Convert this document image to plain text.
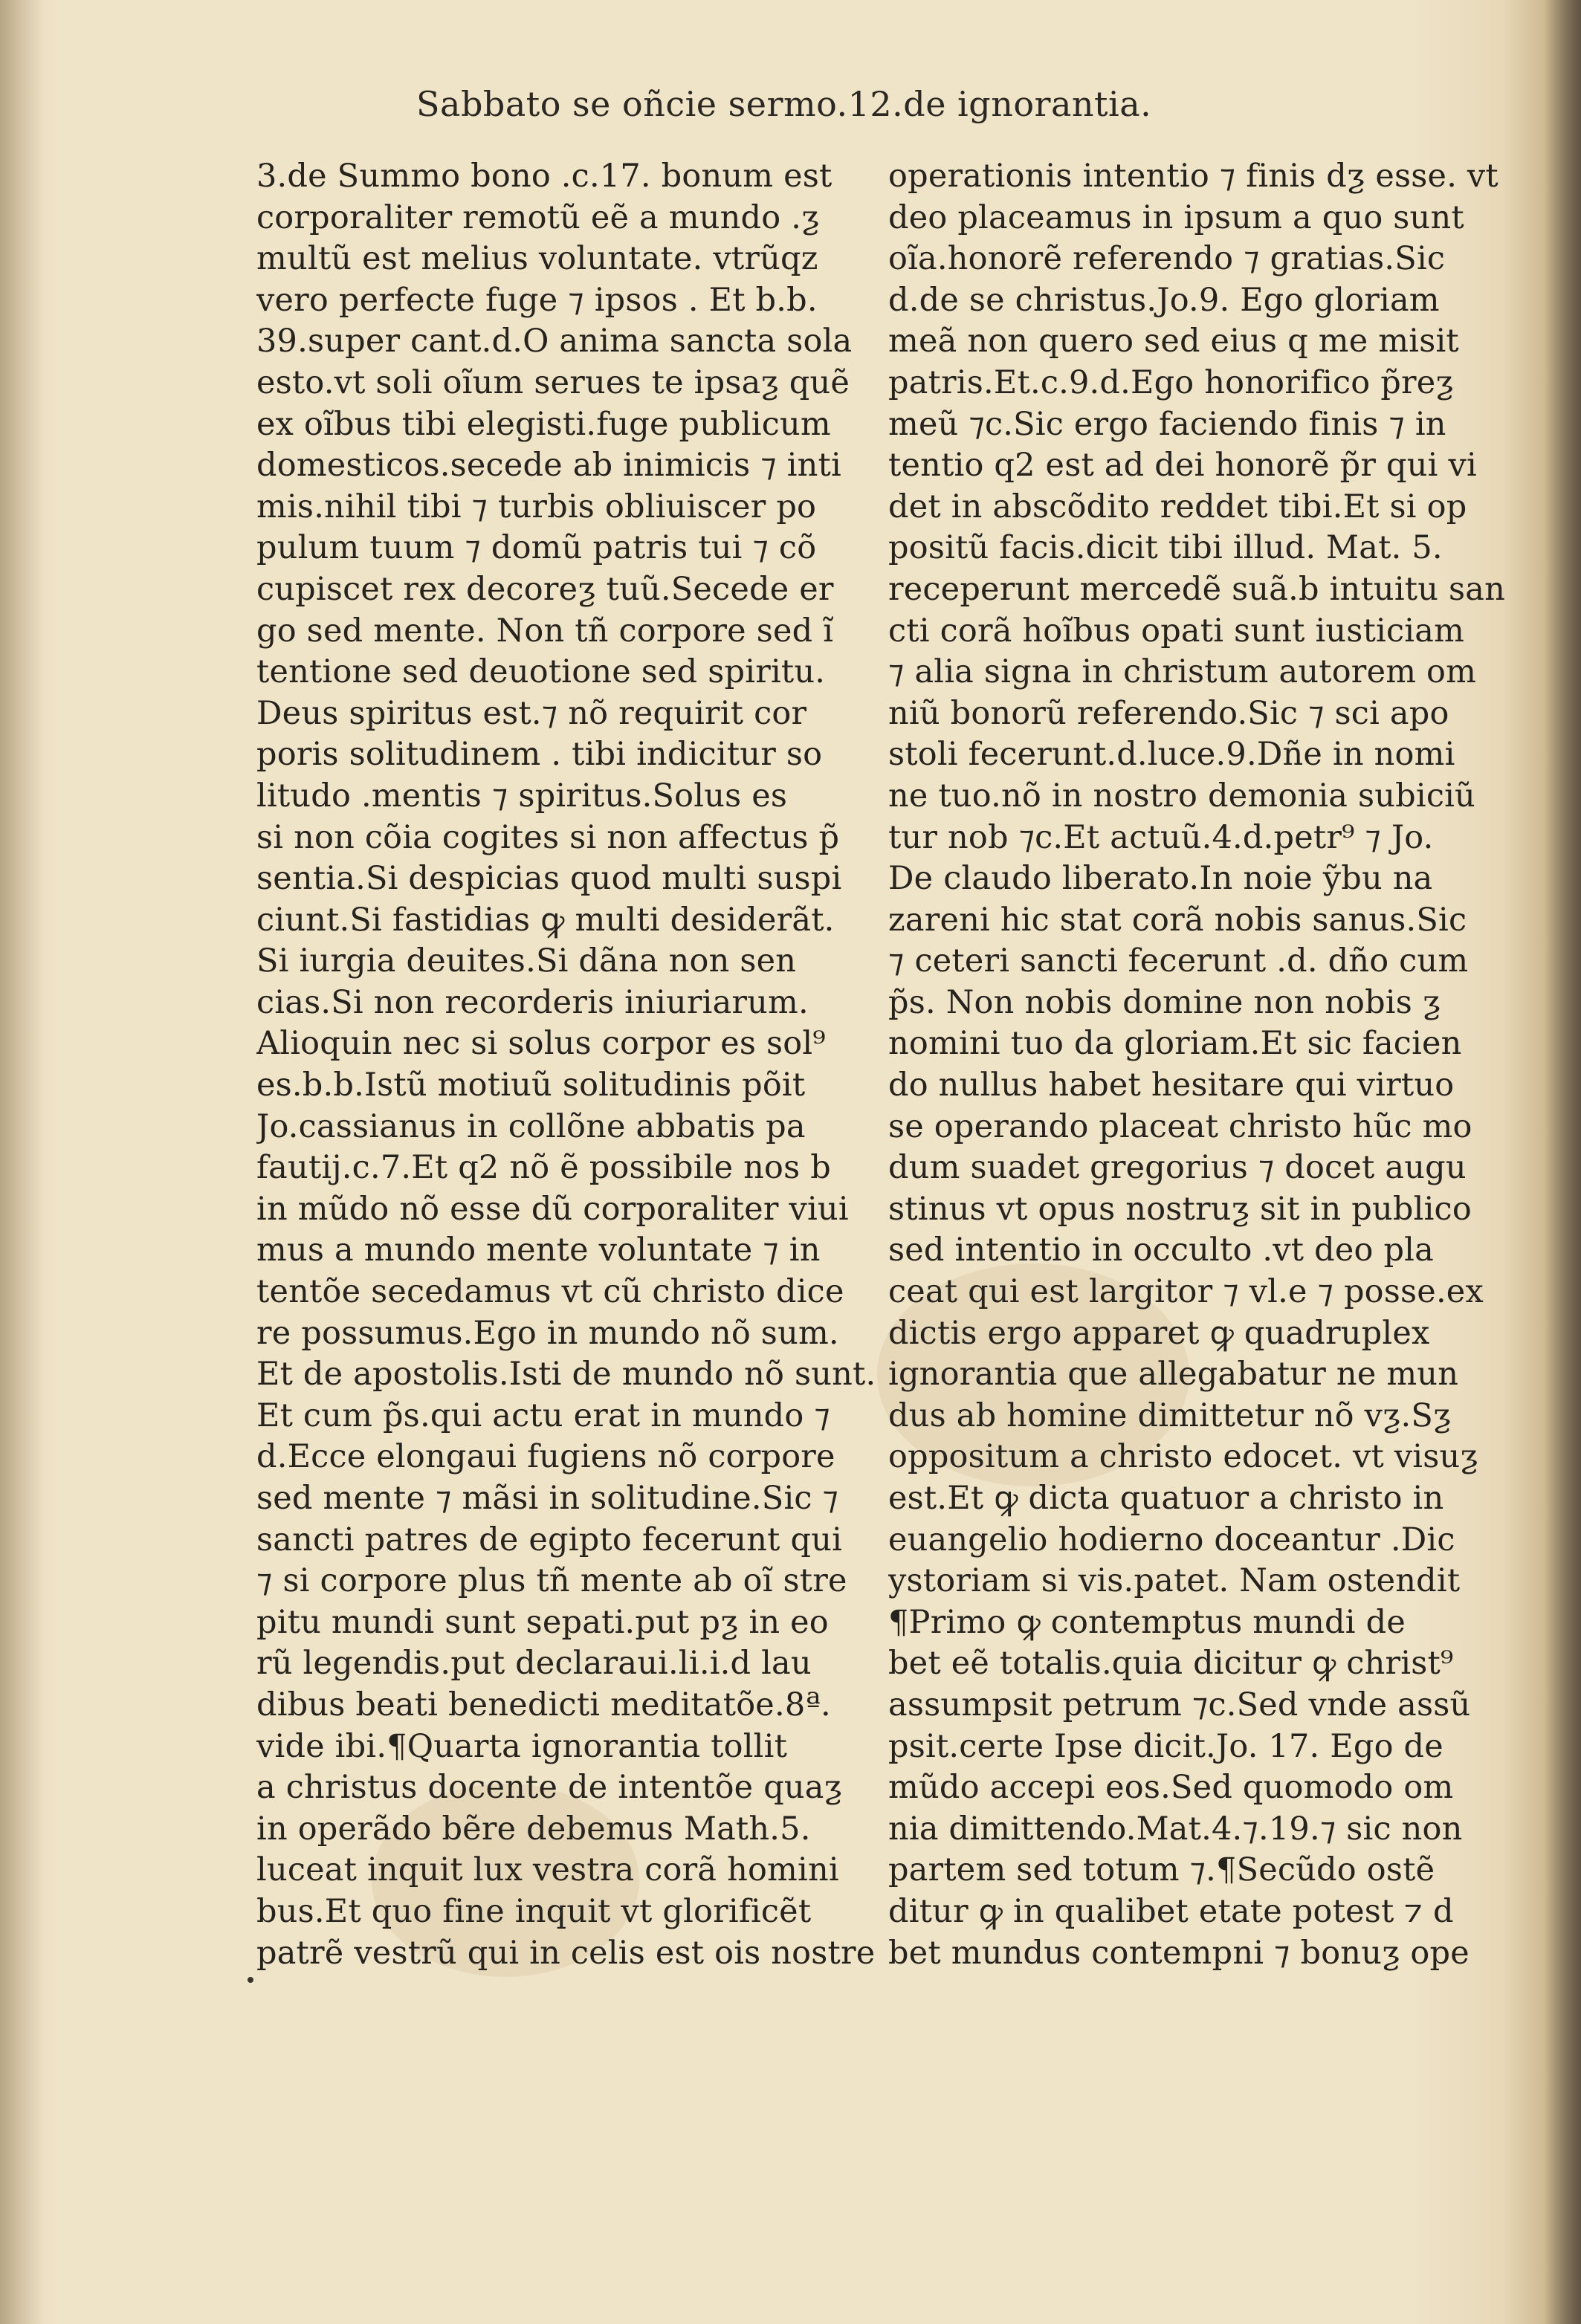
Sabbato se oñcie sermo.12.de ignorantia.
3.de Summo bono .c.17. bonum est
corporaliter remotũ eẽ a mundo .ƺ
multũ est melius voluntate. vtrũqz
vero perfecte fuge ⁊ ipsos . Et b.b.
39.super cant.d.O anima sancta sola
esto.vt soli oĩum serues te ipsaƺ quẽ
ex oĩbus tibi elegisti.fuge publicum
domesticos.secede ab inimicis ⁊ inti
mis.nihil tibi ⁊ turbis obliuiscer po
pulum tuum ⁊ domũ patris tui ⁊ cõ
cupiscet rex decoreƺ tuũ.Secede er
go sed mente. Non tñ corpore sed ĩ
tentione sed deuotione sed spiritu.
Deus spiritus est.⁊ nõ requirit cor
poris solitudinem . tibi indicitur so
litudo .mentis ⁊ spiritus.Solus es
si non cõia cogites si non affectus p̃
sentia.Si despicias quod multi suspi
ciunt.Si fastidias ꝙ multi desiderãt.
Si iurgia deuites.Si dãna non sen
cias.Si non recorderis iniuriarum.
Alioquin nec si solus corpor es sol⁹
es.b.b.Istũ motiuũ solitudinis põit
Jo.cassianus in collõne abbatis pa
fautij.c.7.Et q2 nõ ẽ possibile nos b
in mũdo nõ esse dũ corporaliter viui
mus a mundo mente voluntate ⁊ in
tentõe secedamus vt cũ christo dice
re possumus.Ego in mundo nõ sum.
Et de apostolis.Isti de mundo nõ sunt.
Et cum p̃s.qui actu erat in mundo ⁊
d.Ecce elongaui fugiens nõ corpore
sed mente ⁊ mãsi in solitudine.Sic ⁊
sancti patres de egipto fecerunt qui
⁊ si corpore plus tñ mente ab oĩ stre
pitu mundi sunt sepati.put pƺ in eo
rũ legendis.put declaraui.li.i.d lau
dibus beati benedicti meditatõe.8ª.
vide ibi.¶Quarta ignorantia tollit
a christus docente de intentõe quaƺ
in operãdo bẽre debemus Math.5.
luceat inquit lux vestra corã homini
bus.Et quo fine inquit vt glorificẽt
patrẽ vestrũ qui in celis est ois nostre
operationis intentio ⁊ finis dƺ esse. vt
deo placeamus in ipsum a quo sunt
oĩa.honorẽ referendo ⁊ gratias.Sic
d.de se christus.Jo.9. Ego gloriam
meã non quero sed eius q me misit
patris.Et.c.9.d.Ego honorifico p̃reƺ
meũ ⁊c.Sic ergo faciendo finis ⁊ in
tentio q2 est ad dei honorẽ p̃r qui vi
det in abscõdito reddet tibi.Et si op
positũ facis.dicit tibi illud. Mat. 5.
receperunt mercedẽ suã.b intuitu san
cti corã hoĩbus opati sunt iusticiam
⁊ alia signa in christum autorem om
niũ bonorũ referendo.Sic ⁊ sci apo
stoli fecerunt.d.luce.9.Dñe in nomi
ne tuo.nõ in nostro demonia subiciũ
tur nob ⁊c.Et actuũ.4.d.petr⁹ ⁊ Jo.
De claudo liberato.In noie ỹbu na
zareni hic stat corã nobis sanus.Sic
⁊ ceteri sancti fecerunt .d. dño cum
p̃s. Non nobis domine non nobis ƺ
nomini tuo da gloriam.Et sic facien
do nullus habet hesitare qui virtuo
se operando placeat christo hũc mo
dum suadet gregorius ⁊ docet augu
stinus vt opus nostruƺ sit in publico
sed intentio in occulto .vt deo pla
ceat qui est largitor ⁊ vl.e ⁊ posse.ex
dictis ergo apparet ꝙ quadruplex
ignorantia que allegabatur ne mun
dus ab homine dimittetur nõ vƺ.Sƺ
oppositum a christo edocet. vt visuƺ
est.Et ꝙ dicta quatuor a christo in
euangelio hodierno doceantur .Dic
ystoriam si vis.patet. Nam ostendit
¶Primo ꝙ contemptus mundi de
bet eẽ totalis.quia dicitur ꝙ christ⁹
assumpsit petrum ⁊c.Sed vnde assũ
psit.certe Ipse dicit.Jo. 17. Ego de
mũdo accepi eos.Sed quomodo om
nia dimittendo.Mat.4.⁊.19.⁊ sic non
partem sed totum ⁊.¶Secũdo ostẽ
ditur ꝙ in qualibet etate potest ⁊ d
bet mundus contempni ⁊ bonuƺ ope
